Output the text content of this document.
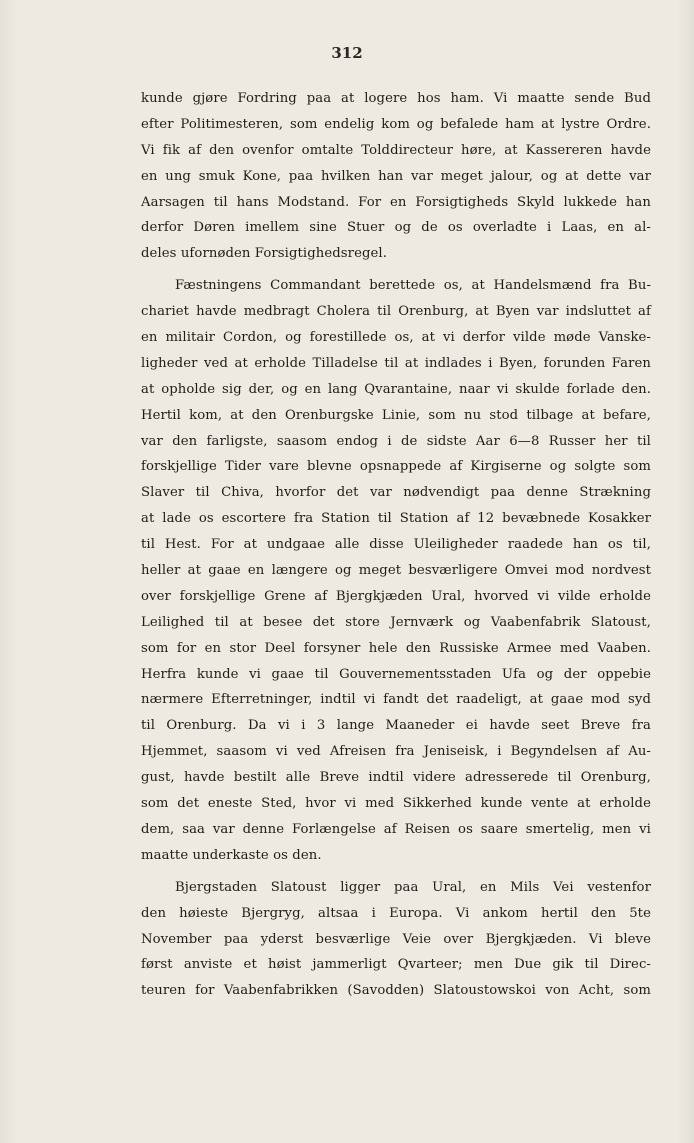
312
kunde gjøre Fordring paa at logere hos ham. Vi maatte sende Bud
efter Politimesteren, som endelig kom og befalede ham at lystre Ordre.
Vi fik af den ovenfor omtalte Tolddirecteur høre, at Kassereren havde
en ung smuk Kone, paa hvilken han var meget jalour, og at dette var
Aarsagen til hans Modstand. For en Forsigtigheds Skyld lukkede han
derfor Døren imellem sine Stuer og de os overladte i Laas, en al-
deles ufornøden Forsigtighedsregel.
Fæstningens Commandant berettede os, at Handelsmænd fra Bu-
chariet havde medbragt Cholera til Orenburg, at Byen var indsluttet af
en militair Cordon, og forestillede os, at vi derfor vilde møde Vanske-
ligheder ved at erholde Tilladelse til at indlades i Byen, forunden Faren
at opholde sig der, og en lang Qvarantaine, naar vi skulde forlade den.
Hertil kom, at den Orenburgske Linie, som nu stod tilbage at befare,
var den farligste, saasom endog i de sidste Aar 6—8 Russer her til
forskjellige Tider vare blevne opsnappede af Kirgiserne og solgte som
Slaver til Chiva, hvorfor det var nødvendigt paa denne Strækning
at lade os escortere fra Station til Station af 12 bevæbnede Kosakker
til Hest. For at undgaae alle disse Uleiligheder raadede han os til,
heller at gaae en længere og meget besværligere Omvei mod nordvest
over forskjellige Grene af Bjergkjæden Ural, hvorved vi vilde erholde
Leilighed til at besee det store Jernværk og Vaabenfabrik Slatoust,
som for en stor Deel forsyner hele den Russiske Armee med Vaaben.
Herfra kunde vi gaae til Gouvernementsstaden Ufa og der oppebie
nærmere Efterretninger, indtil vi fandt det raadeligt, at gaae mod syd
til Orenburg. Da vi i 3 lange Maaneder ei havde seet Breve fra
Hjemmet, saasom vi ved Afreisen fra Jeniseisk, i Begyndelsen af Au-
gust, havde bestilt alle Breve indtil videre adresserede til Orenburg,
som det eneste Sted, hvor vi med Sikkerhed kunde vente at erholde
dem, saa var denne Forlængelse af Reisen os saare smertelig, men vi
maatte underkaste os den.
Bjergstaden Slatoust ligger paa Ural, en Mils Vei vestenfor
den høieste Bjergryg, altsaa i Europa. Vi ankom hertil den 5te
November paa yderst besværlige Veie over Bjergkjæden. Vi bleve
først anviste et høist jammerligt Qvarteer; men Due gik til Direc-
teuren for Vaabenfabrikken (Savodden) Slatoustowskoi von Acht, som
